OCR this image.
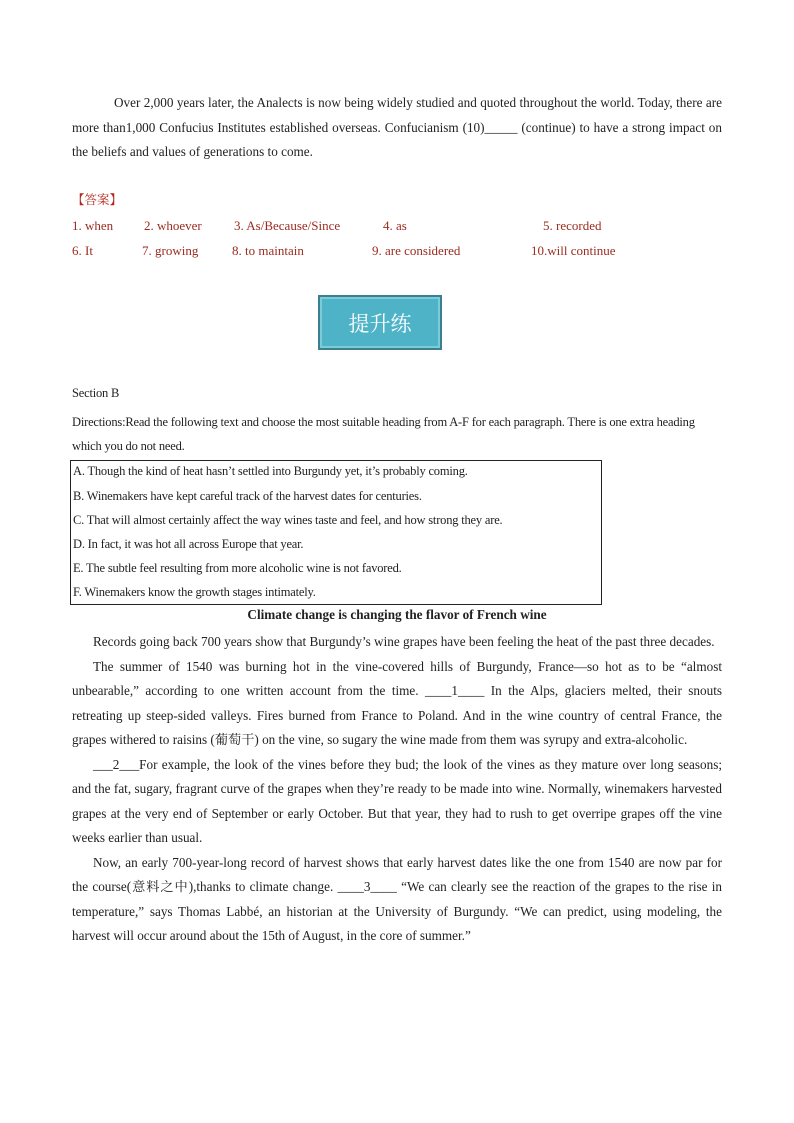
Over 2,000 years later, the Analects is now being widely studied and quoted throughout the world. Today, there are more than1,000 Confucius Institutes established overseas. Confucianism (10)_____ (continue) to have a strong impact on the beliefs and values of generations to come.

【答案】
1. when 2. whoever 3. As/Because/Since	4. as	5. recorded
6. It	7. growing	8. to maintain	9. are considered	10.will continue
提升练
Section B
Directions:Read the following text and choose the most suitable heading from A-F for each paragraph. There is one extra heading which you do not need.
A. Though the kind of heat hasn’t settled into Burgundy yet, it’s probably coming.
B. Winemakers have kept careful track of the harvest dates for centuries.
C. That will almost certainly affect the way wines taste and feel, and how strong they are.
D. In fact, it was hot all across Europe that year.
E. The subtle feel resulting from more alcoholic wine is not favored.
F. Winemakers know the growth stages intimately.
Climate change is changing the flavor of French wine

Records going back 700 years show that Burgundy’s wine grapes have been feeling the heat of the past three decades.

The summer of 1540 was burning hot in the vine-covered hills of Burgundy, France—so hot as to be “almost unbearable,” according to one written account from the time. ____1____ In the Alps, glaciers melted, their snouts retreating up steep-sided valleys. Fires burned from France to Poland. And in the wine country of central France, the grapes withered to raisins (葡萄干) on the vine, so sugary the wine made from them was syrupy and extra-alcoholic.

___2___For example, the look of the vines before they bud; the look of the vines as they mature over long seasons; and the fat, sugary, fragrant curve of the grapes when they’re ready to be made into wine. Normally, winemakers harvested grapes at the very end of September or early October. But that year, they had to rush to get overripe grapes off the vine weeks earlier than usual.

Now, an early 700-year-long record of harvest shows that early harvest dates like the one from 1540 are now par for the course(意料之中),thanks to climate change. ____3____ “We can clearly see the reaction of the grapes to the rise in temperature,” says Thomas Labbé, an historian at the University of Burgundy. “We can predict, using modeling, the harvest will occur around about the 15th of August, in the core of summer.”
